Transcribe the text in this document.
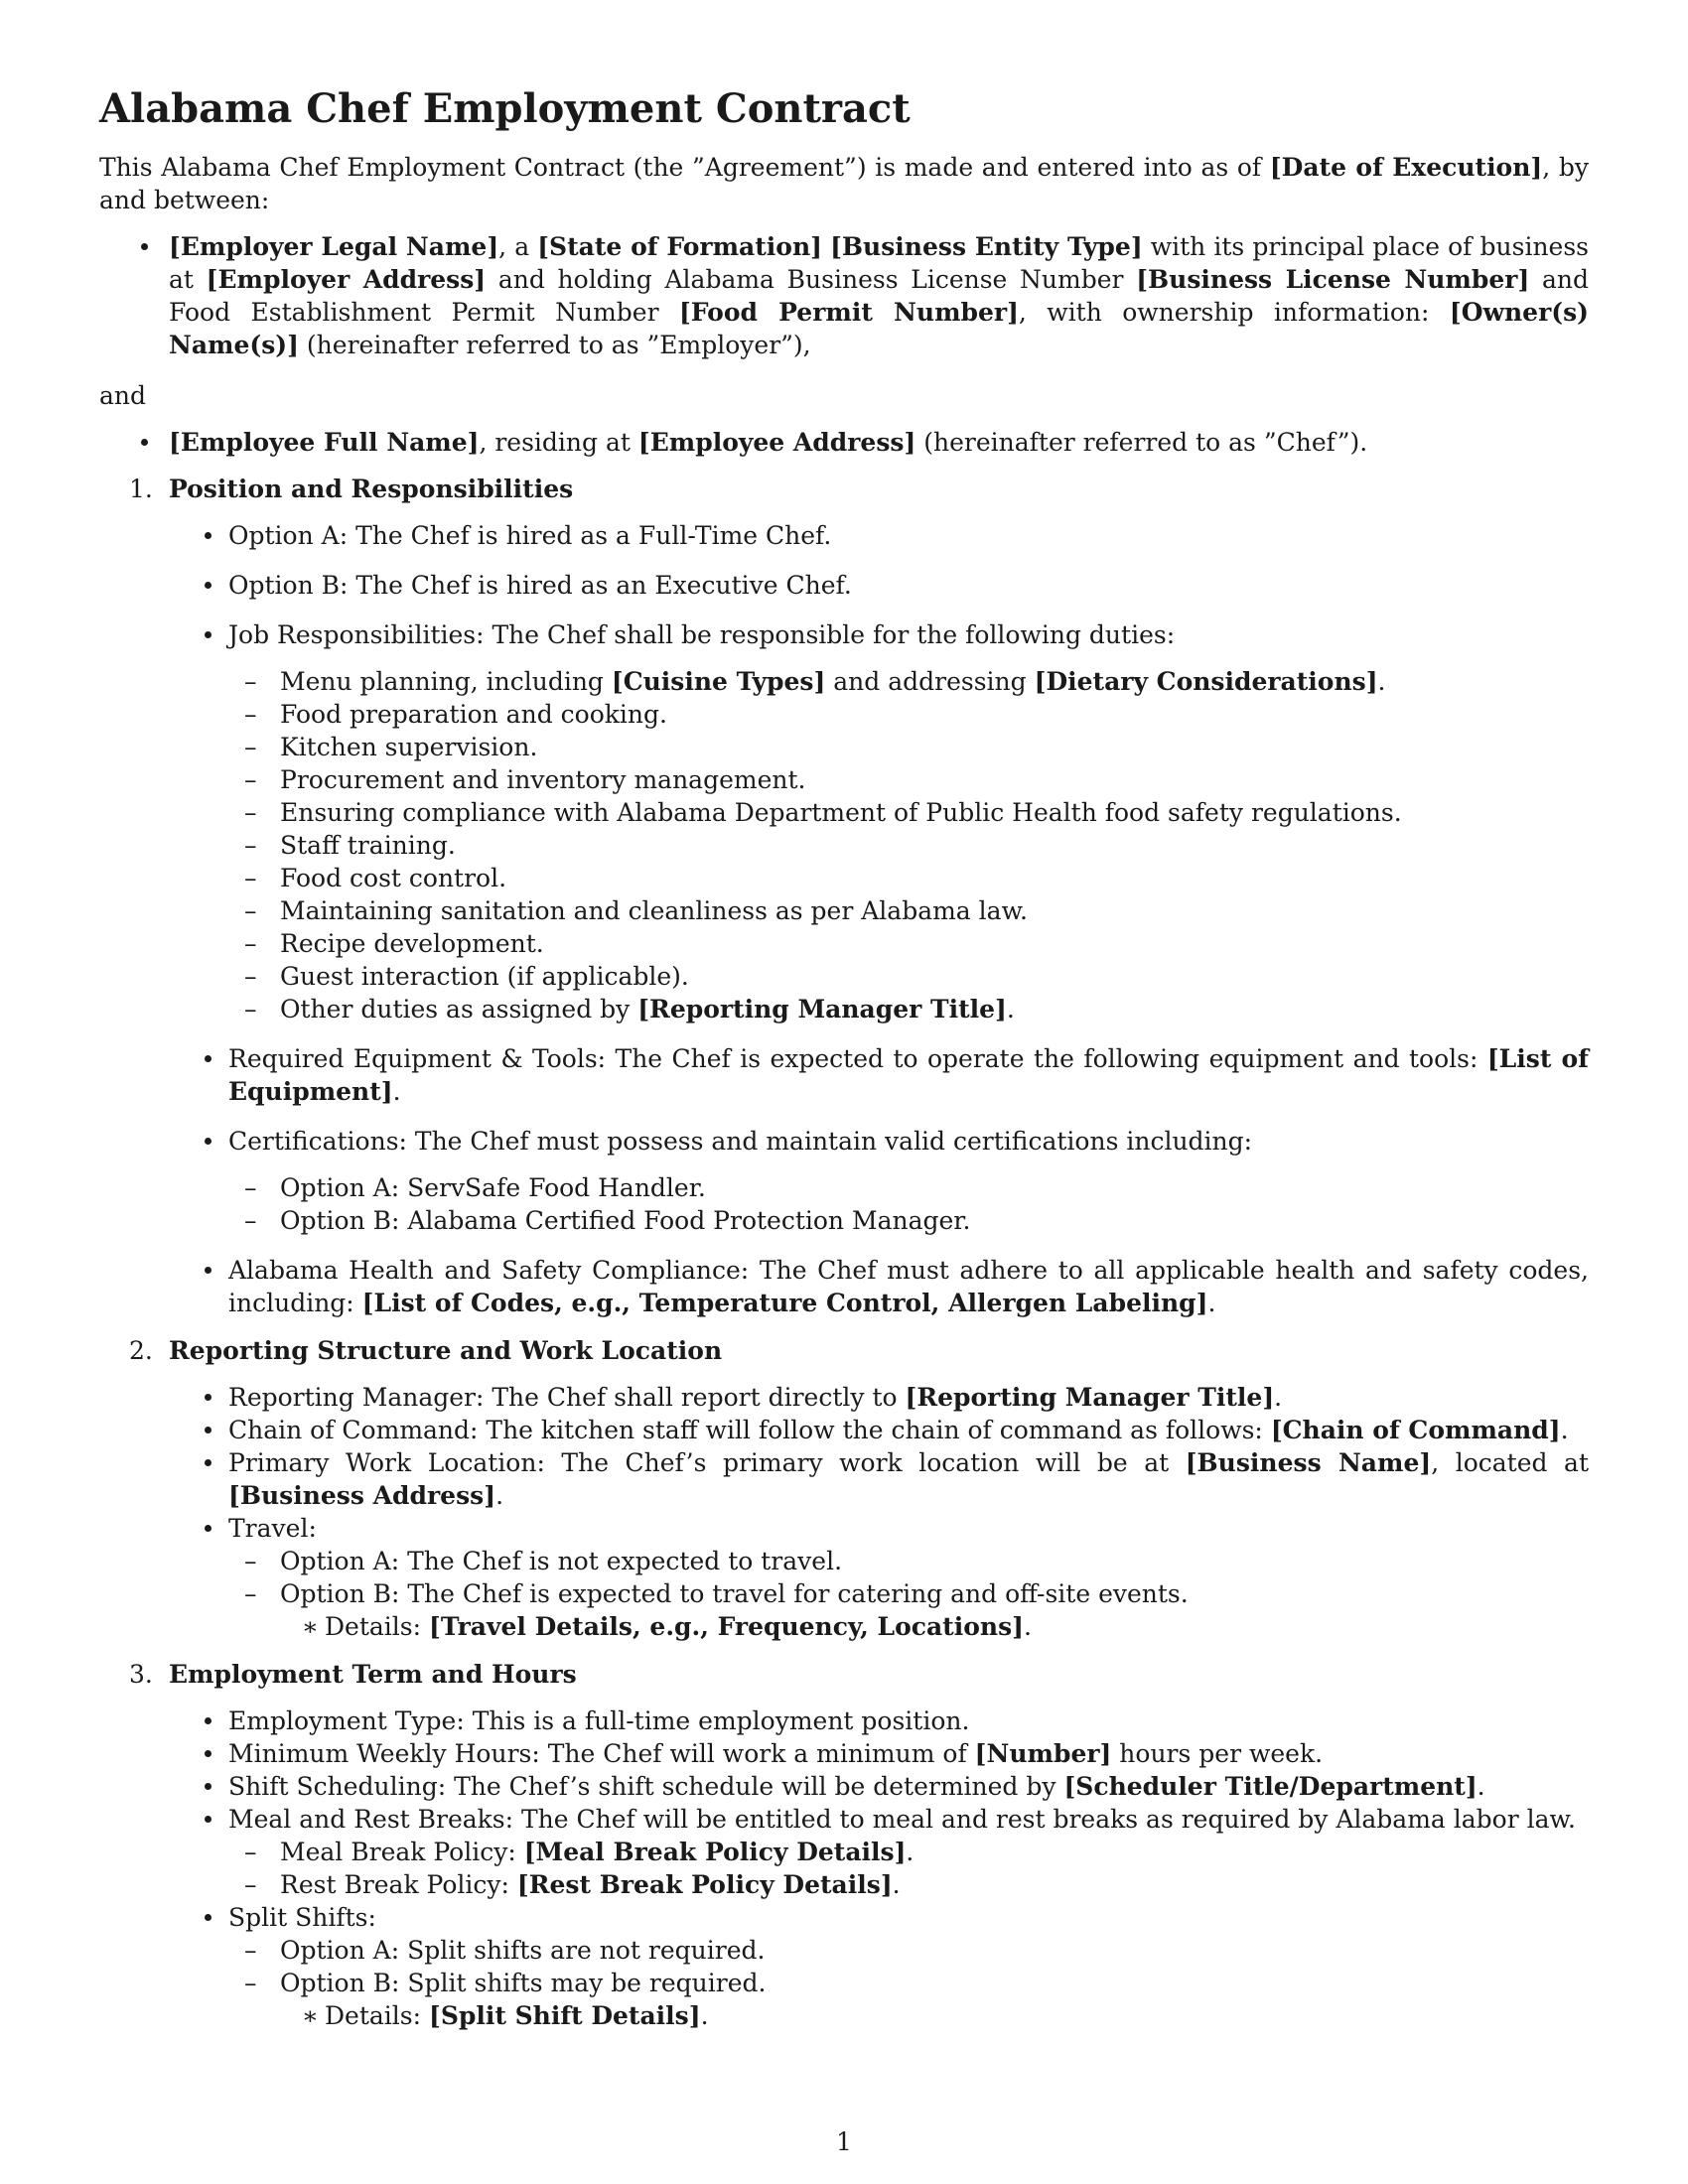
Alabama Chef Employment Contract

This Alabama Chef Employment Contract (the ”Agreement”) is made and entered into as of [Date of Execution], by and between:

[Employer Legal Name], a [State of Formation] [Business Entity Type] with its principal place of business at [Employer Address] and holding Alabama Business License Number [Business License Number] and Food Establishment Permit Number [Food Permit Number], with ownership information: [Owner(s) Name(s)] (hereinafter referred to as ”Employer”),

and

[Employee Full Name], residing at [Employee Address] (hereinafter referred to as ”Chef”).
1. Position and Responsibilities
Option A: The Chef is hired as a Full-Time Chef.
Option B: The Chef is hired as an Executive Chef.
Job Responsibilities: The Chef shall be responsible for the following duties:
– Menu planning, including [Cuisine Types] and addressing [Dietary Considerations].
– Food preparation and cooking.
– Kitchen supervision.
– Procurement and inventory management.
– Ensuring compliance with Alabama Department of Public Health food safety regulations.
– Staff training.
– Food cost control.
– Maintaining sanitation and cleanliness as per Alabama law.
– Recipe development.
– Guest interaction (if applicable).
– Other duties as assigned by [Reporting Manager Title].
Required Equipment & Tools: The Chef is expected to operate the following equipment and tools: [List of Equipment].
Certifications: The Chef must possess and maintain valid certifications including:
– Option A: ServSafe Food Handler.
– Option B: Alabama Certified Food Protection Manager.
Alabama Health and Safety Compliance: The Chef must adhere to all applicable health and safety codes, including: [List of Codes, e.g., Temperature Control, Allergen Labeling].
2. Reporting Structure and Work Location
Reporting Manager: The Chef shall report directly to [Reporting Manager Title].
Chain of Command: The kitchen staff will follow the chain of command as follows: [Chain of Command].
Primary Work Location: The Chef’s primary work location will be at [Business Name], located at [Business Address].
Travel:
– Option A: The Chef is not expected to travel.
– Option B: The Chef is expected to travel for catering and off-site events.
∗ Details: [Travel Details, e.g., Frequency, Locations].
3. Employment Term and Hours
Employment Type: This is a full-time employment position.
Minimum Weekly Hours: The Chef will work a minimum of [Number] hours per week.
Shift Scheduling: The Chef’s shift schedule will be determined by [Scheduler Title/Department].
Meal and Rest Breaks: The Chef will be entitled to meal and rest breaks as required by Alabama labor law.
– Meal Break Policy: [Meal Break Policy Details].
– Rest Break Policy: [Rest Break Policy Details].
Split Shifts:
– Option A: Split shifts are not required.
– Option B: Split shifts may be required.
∗ Details: [Split Shift Details].
1
